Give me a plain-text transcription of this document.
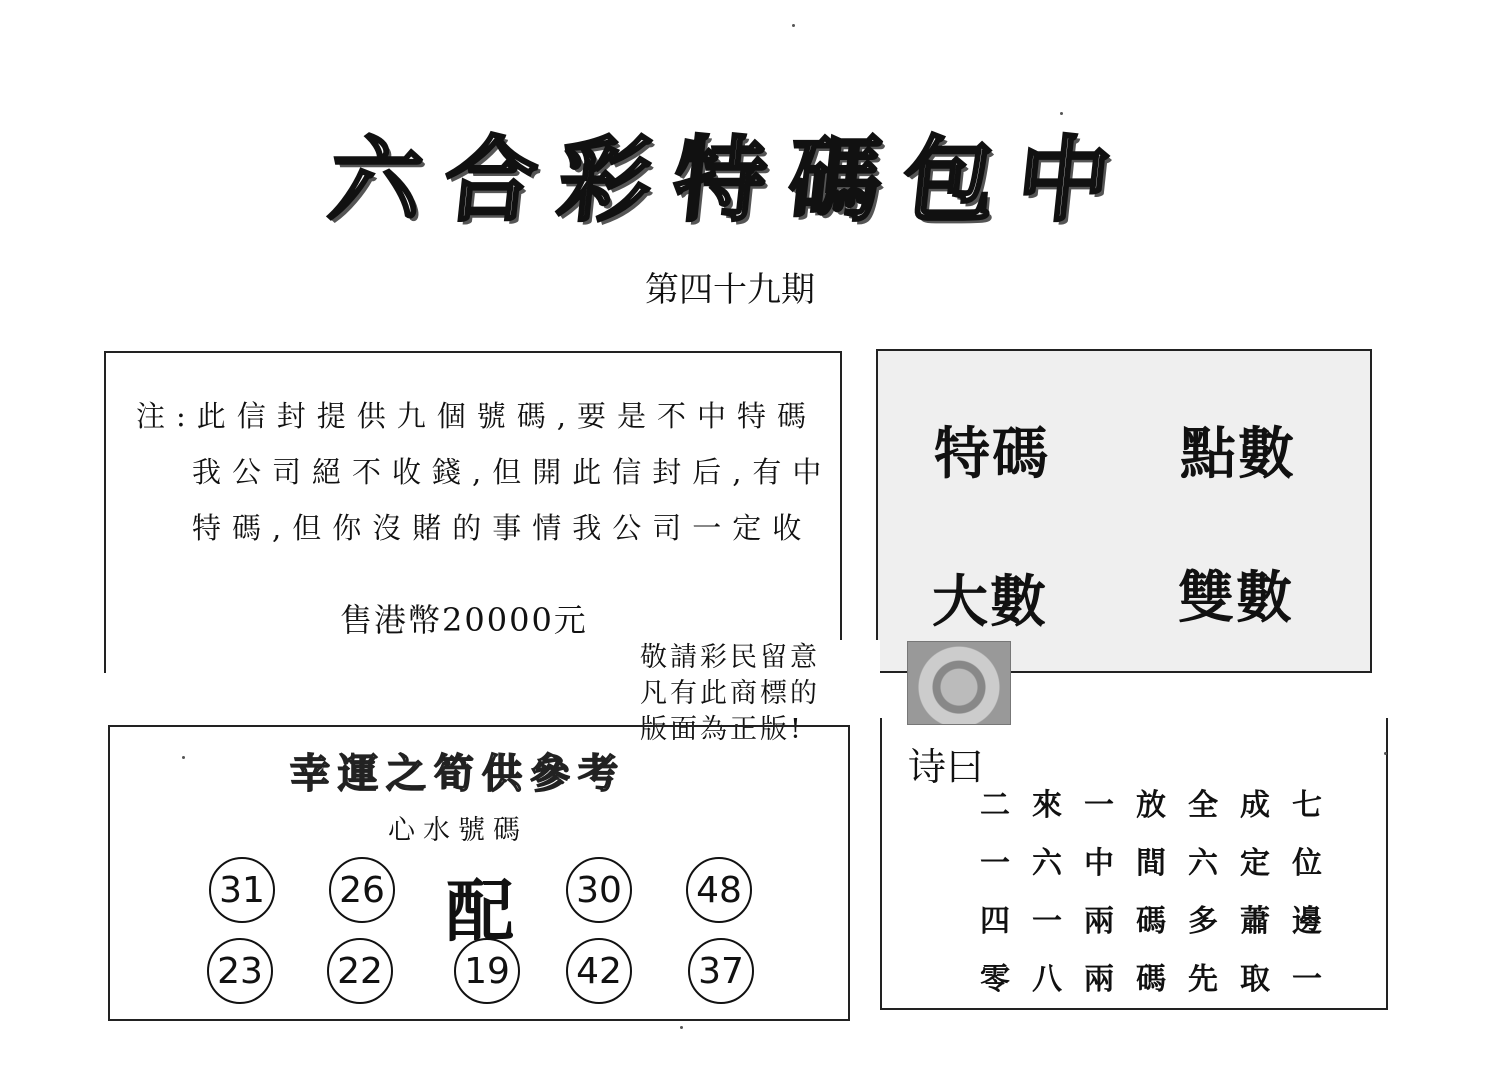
六 合 彩 特 碼 包 中
第四十九期
注:此信封提供九個號碼,要是不中特碼
我公司絕不收錢,但開此信封后,有中
特碼,但你沒賭的事情我公司一定收
售港幣20000元
特碼 點數
大數 雙數
敬請彩民留意
凡有此商標的
版面為正版!
幸運之筍供參考
心水號碼
31 26 配 30 48
23 22 19 42 37
诗曰
二來一放全成七
一六中間六定位
四一兩碼多蕭邊
零八兩碼先取一
